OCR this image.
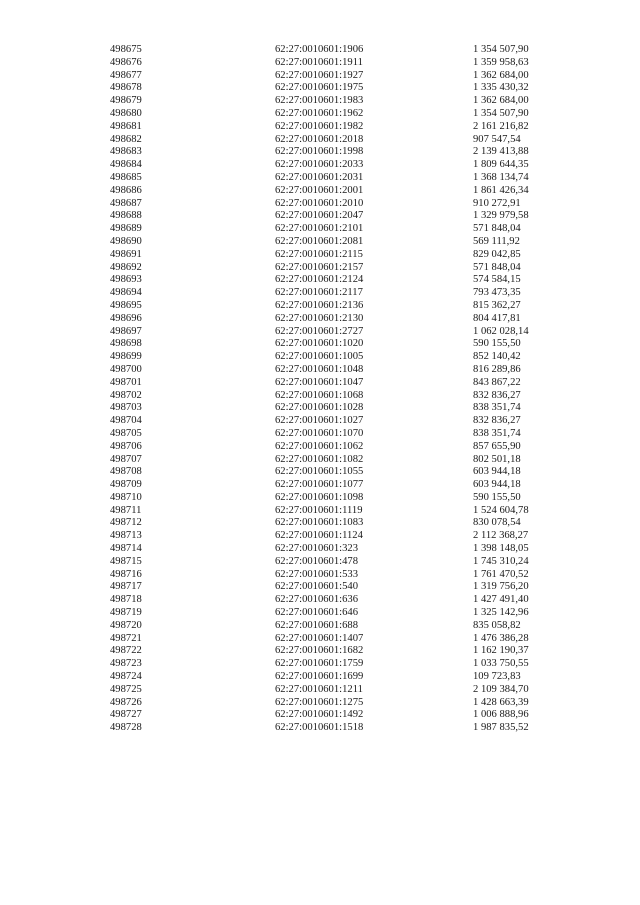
498675	62:27:0010601:1906	1 354 507,90
498676	62:27:0010601:1911	1 359 958,63
498677	62:27:0010601:1927	1 362 684,00
498678	62:27:0010601:1975	1 335 430,32
498679	62:27:0010601:1983	1 362 684,00
498680	62:27:0010601:1962	1 354 507,90
498681	62:27:0010601:1982	2 161 216,82
498682	62:27:0010601:2018	907 547,54
498683	62:27:0010601:1998	2 139 413,88
498684	62:27:0010601:2033	1 809 644,35
498685	62:27:0010601:2031	1 368 134,74
498686	62:27:0010601:2001	1 861 426,34
498687	62:27:0010601:2010	910 272,91
498688	62:27:0010601:2047	1 329 979,58
498689	62:27:0010601:2101	571 848,04
498690	62:27:0010601:2081	569 111,92
498691	62:27:0010601:2115	829 042,85
498692	62:27:0010601:2157	571 848,04
498693	62:27:0010601:2124	574 584,15
498694	62:27:0010601:2117	793 473,35
498695	62:27:0010601:2136	815 362,27
498696	62:27:0010601:2130	804 417,81
498697	62:27:0010601:2727	1 062 028,14
498698	62:27:0010601:1020	590 155,50
498699	62:27:0010601:1005	852 140,42
498700	62:27:0010601:1048	816 289,86
498701	62:27:0010601:1047	843 867,22
498702	62:27:0010601:1068	832 836,27
498703	62:27:0010601:1028	838 351,74
498704	62:27:0010601:1027	832 836,27
498705	62:27:0010601:1070	838 351,74
498706	62:27:0010601:1062	857 655,90
498707	62:27:0010601:1082	802 501,18
498708	62:27:0010601:1055	603 944,18
498709	62:27:0010601:1077	603 944,18
498710	62:27:0010601:1098	590 155,50
498711	62:27:0010601:1119	1 524 604,78
498712	62:27:0010601:1083	830 078,54
498713	62:27:0010601:1124	2 112 368,27
498714	62:27:0010601:323	1 398 148,05
498715	62:27:0010601:478	1 745 310,24
498716	62:27:0010601:533	1 761 470,52
498717	62:27:0010601:540	1 319 756,20
498718	62:27:0010601:636	1 427 491,40
498719	62:27:0010601:646	1 325 142,96
498720	62:27:0010601:688	835 058,82
498721	62:27:0010601:1407	1 476 386,28
498722	62:27:0010601:1682	1 162 190,37
498723	62:27:0010601:1759	1 033 750,55
498724	62:27:0010601:1699	109 723,83
498725	62:27:0010601:1211	2 109 384,70
498726	62:27:0010601:1275	1 428 663,39
498727	62:27:0010601:1492	1 006 888,96
498728	62:27:0010601:1518	1 987 835,52
